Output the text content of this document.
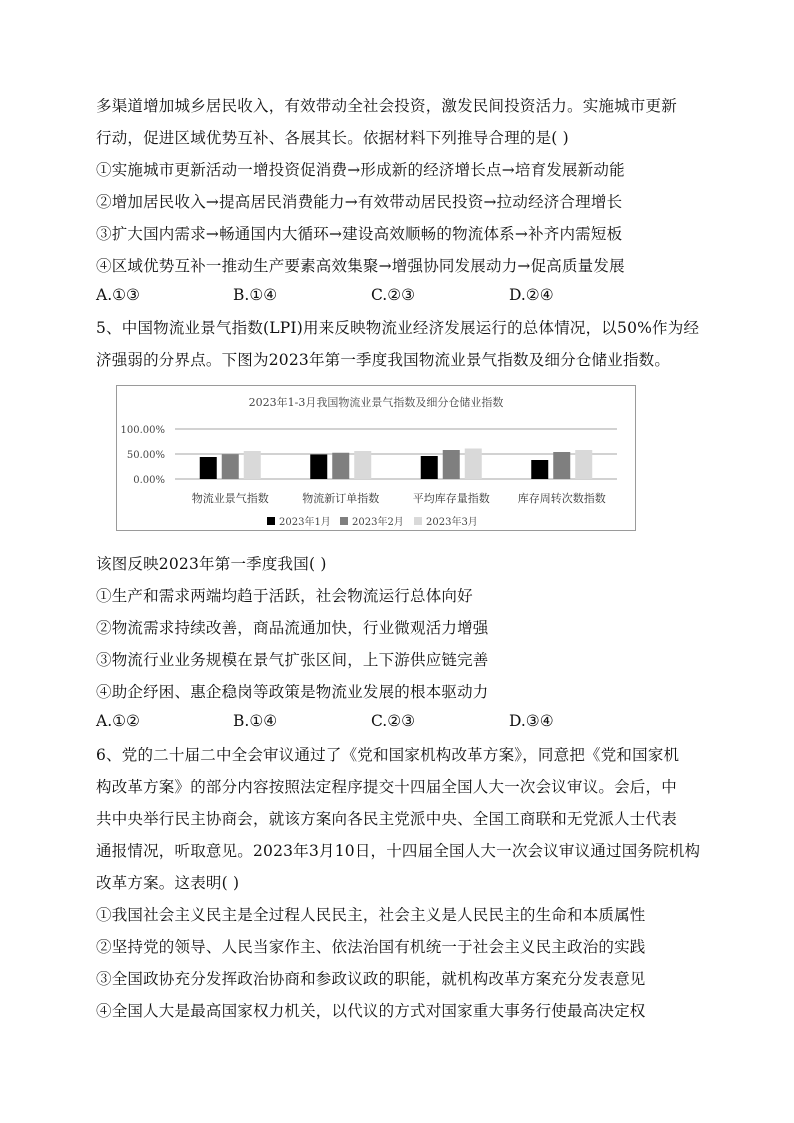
多渠道增加城乡居民收入，有效带动全社会投资，激发民间投资活力。实施城市更新
行动，促进区域优势互补、各展其长。依据材料下列推导合理的是( )
①实施城市更新活动一增投资促消费→形成新的经济增长点→培育发展新动能
②增加居民收入→提高居民消费能力→有效带动居民投资→拉动经济合理增长
③扩大国内需求→畅通国内大循环→建设高效顺畅的物流体系→补齐内需短板
④区域优势互补一推动生产要素高效集聚→增强协同发展动力→促高质量发展
A.①③	B.①④	C.②③	D.②④
5、中国物流业景气指数(LPI)用来反映物流业经济发展运行的总体情况，以50%作为经
济强弱的分界点。下图为2023年第一季度我国物流业景气指数及细分仓储业指数。
2023年1-3月我国物流业景气指数及细分仓储业指数
100.00%
50.00%
0.00%
物流业景气指数	物流新订单指数	平均库存量指数	库存周转次数指数
2023年1月 2023年2月 2023年3月
该图反映2023年第一季度我国( )
①生产和需求两端均趋于活跃，社会物流运行总体向好
②物流需求持续改善，商品流通加快，行业微观活力增强
③物流行业业务规模在景气扩张区间，上下游供应链完善
④助企纾困、惠企稳岗等政策是物流业发展的根本驱动力
A.①②	B.①④	C.②③	D.③④
6、党的二十届二中全会审议通过了《党和国家机构改革方案》，同意把《党和国家机
构改革方案》的部分内容按照法定程序提交十四届全国人大一次会议审议。会后，中
共中央举行民主协商会，就该方案向各民主党派中央、全国工商联和无党派人士代表
通报情况，听取意见。2023年3月10日，十四届全国人大一次会议审议通过国务院机构
改革方案。这表明( )
①我国社会主义民主是全过程人民民主，社会主义是人民民主的生命和本质属性
②坚持党的领导、人民当家作主、依法治国有机统一于社会主义民主政治的实践
③全国政协充分发挥政治协商和参政议政的职能，就机构改革方案充分发表意见
④全国人大是最高国家权力机关，以代议的方式对国家重大事务行使最高决定权
